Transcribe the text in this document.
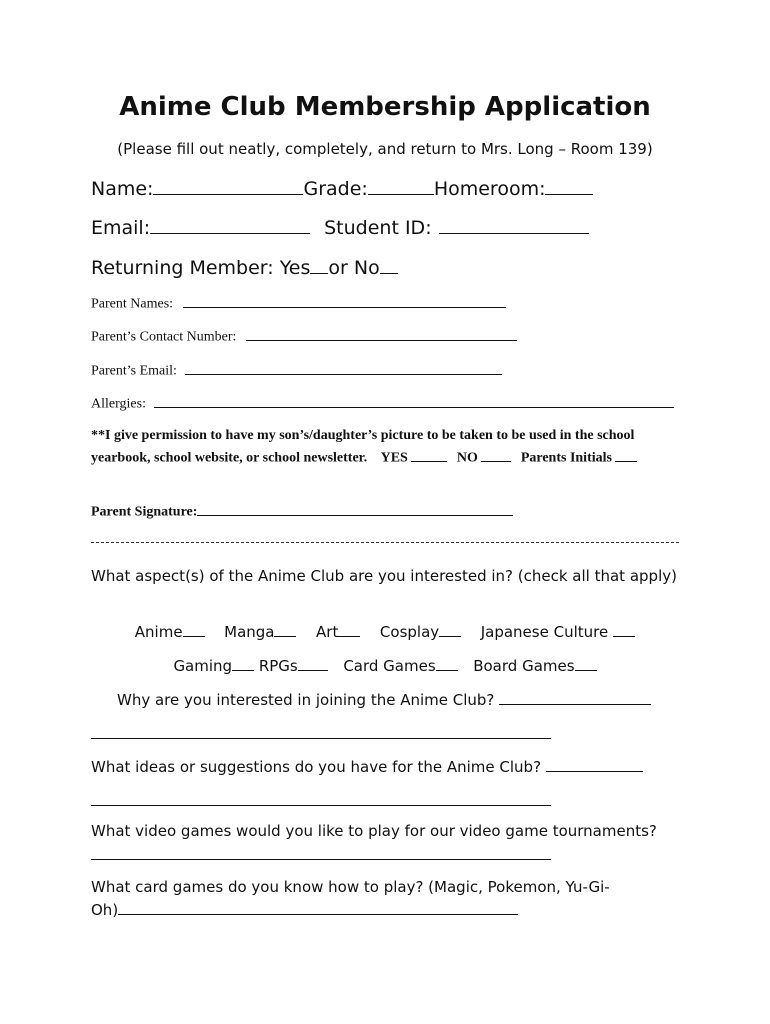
Anime Club Membership Application
(Please fill out neatly, completely, and return to Mrs. Long – Room 139)
Name:	Grade:	Homeroom:
Email:	Student ID:
Returning Member: Yes or No
Parent Names:
Parent’s Contact Number:
Parent’s Email:
Allergies:
**I give permission to have my son’s/daughter’s picture to be taken to be used in the school yearbook, school website, or school newsletter. YES	NO	Parents Initials
Parent Signature:
What aspect(s) of the Anime Club are you interested in? (check all that apply)
Anime	Manga	Art	Cosplay	Japanese Culture
Gaming RPGs	Card Games	Board Games
Why are you interested in joining the Anime Club?
What ideas or suggestions do you have for the Anime Club?
What video games would you like to play for our video game tournaments?
What card games do you know how to play? (Magic, Pokemon, Yu-Gi-Oh)
